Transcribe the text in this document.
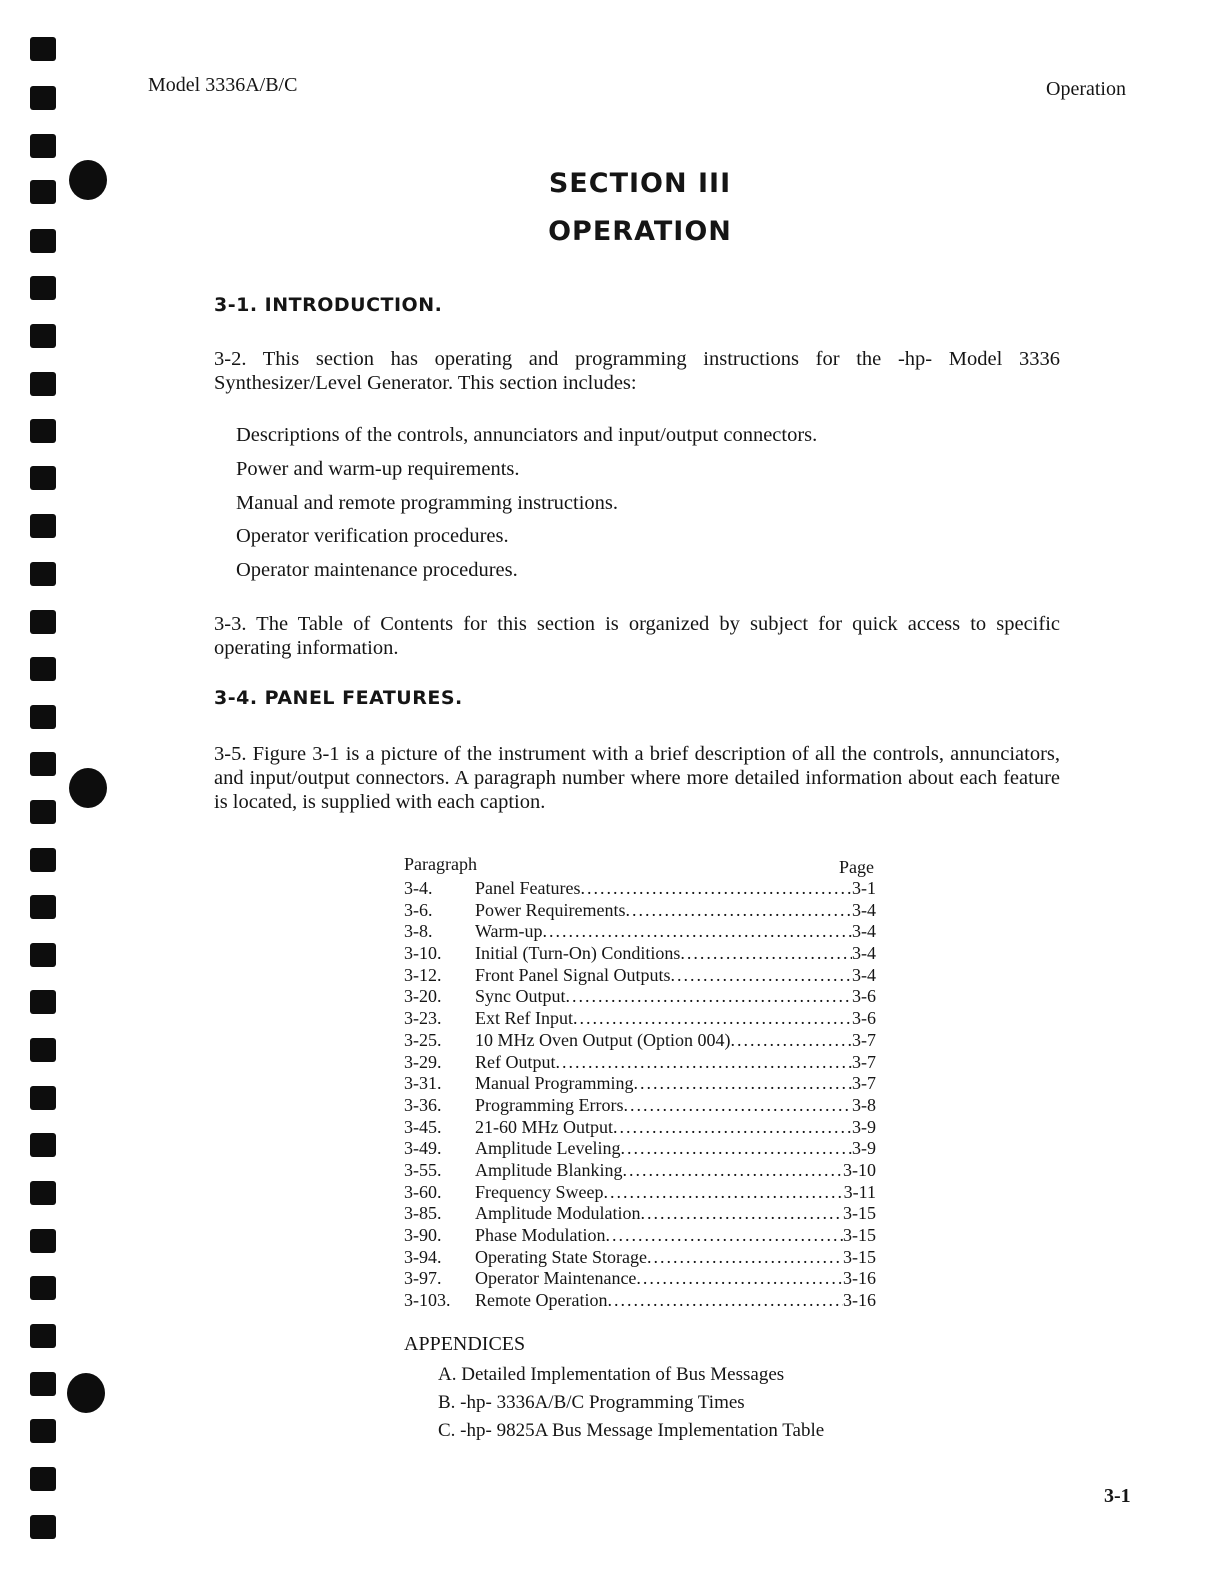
Model 3336A/B/C	Operation
SECTION III
OPERATION
3-1. INTRODUCTION.

3-2. This section has operating and programming instructions for the -hp- Model 3336 Synthesizer/Level Generator. This section includes:

Descriptions of the controls, annunciators and input/output connectors.
Power and warm-up requirements.
Manual and remote programming instructions.
Operator verification procedures.
Operator maintenance procedures.

3-3. The Table of Contents for this section is organized by subject for quick access to specific operating information.

3-4. PANEL FEATURES.

3-5. Figure 3-1 is a picture of the instrument with a brief description of all the controls, annunciators, and input/output connectors. A paragraph number where more detailed information about each feature is located, is supplied with each caption.

Paragraph	Page
3-4.	Panel Features .....	3-1
3-6.	Power Requirements .....	3-4
3-8.	Warm-up .....	3-4
3-10.	Initial (Turn-On) Conditions .....	3-4
3-12.	Front Panel Signal Outputs .....	3-4
3-20.	Sync Output .....	3-6
3-23.	Ext Ref Input .....	3-6
3-25.	10 MHz Oven Output (Option 004) .....	3-7
3-29.	Ref Output .....	3-7
3-31.	Manual Programming .....	3-7
3-36.	Programming Errors .....	3-8
3-45.	21-60 MHz Output .....	3-9
3-49.	Amplitude Leveling .....	3-9
3-55.	Amplitude Blanking .....	3-10
3-60.	Frequency Sweep .....	3-11
3-85.	Amplitude Modulation .....	3-15
3-90.	Phase Modulation .....	3-15
3-94.	Operating State Storage .....	3-15
3-97.	Operator Maintenance .....	3-16
3-103.	Remote Operation .....	3-16
APPENDICES
A. Detailed Implementation of Bus Messages
B. -hp- 3336A/B/C Programming Times
C. -hp- 9825A Bus Message Implementation Table
3-1
